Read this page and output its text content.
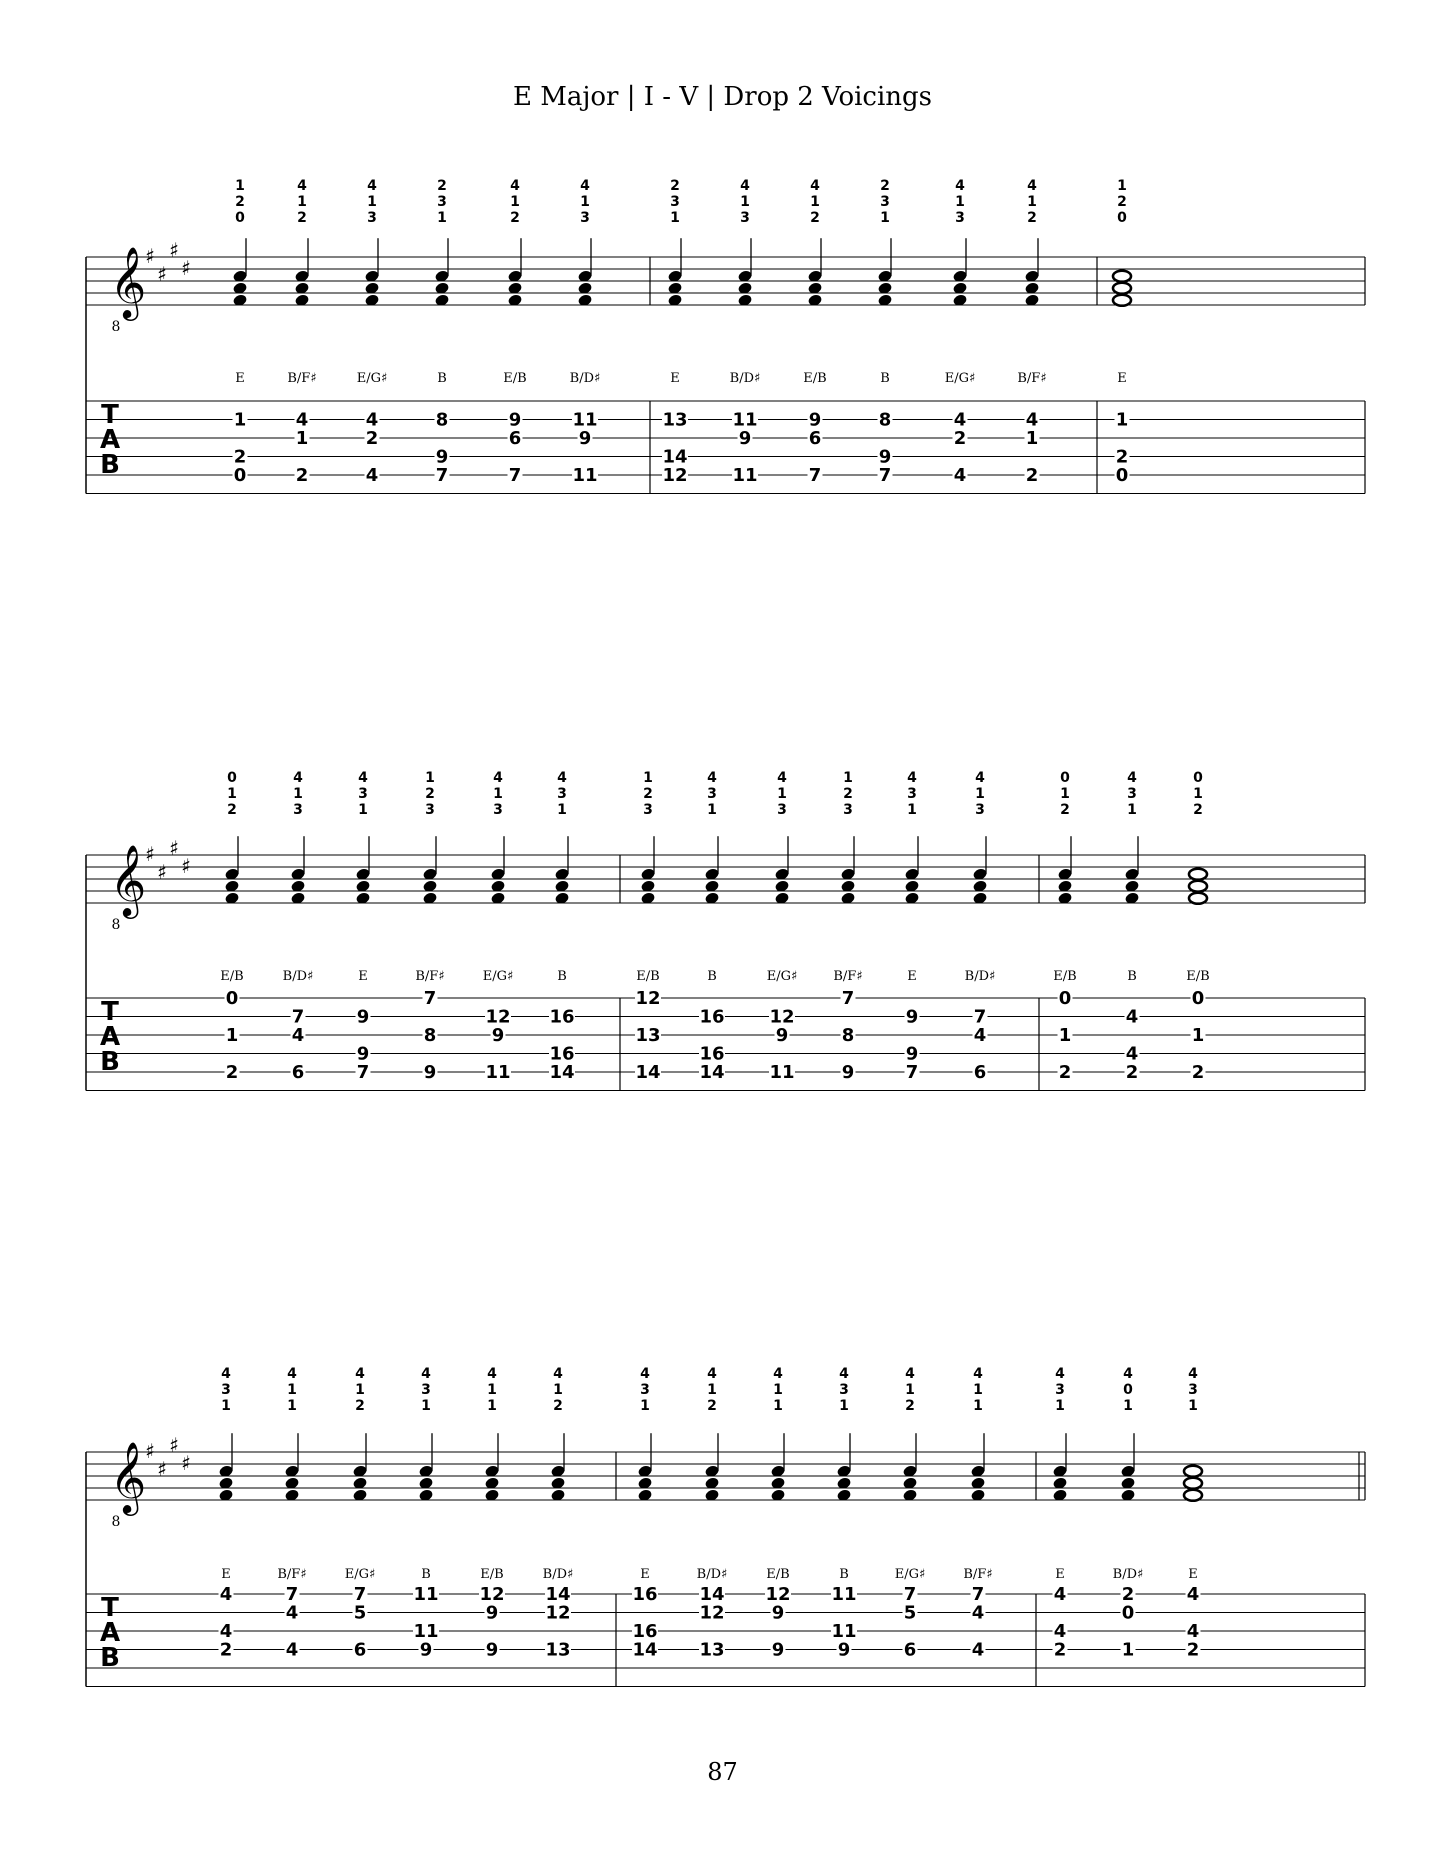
E Major | I - V | Drop 2 Voicings
𝄞
8
♯
♯
♯
♯
T
A
B
1
2
0
E
1
2
0
4
1
2
B/F♯
4
1
2
4
1
3
E/G♯
4
2
4
2
3
1
B
8
9
7
4
1
2
E/B
9
6
7
4
1
3
B/D♯
11
9
11
2
3
1
E
13
14
12
4
1
3
B/D♯
11
9
11
4
1
2
E/B
9
6
7
2
3
1
B
8
9
7
4
1
3
E/G♯
4
2
4
4
1
2
B/F♯
4
1
2
1
2
0
E
1
2
0
𝄞
8
♯
♯
♯
♯
T
A
B
0
1
2
E/B
0
1
2
4
1
3
B/D♯
7
4
6
4
3
1
E
9
9
7
1
2
3
B/F♯
7
8
9
4
1
3
E/G♯
12
9
11
4
3
1
B
16
16
14
1
2
3
E/B
12
13
14
4
3
1
B
16
16
14
4
1
3
E/G♯
12
9
11
1
2
3
B/F♯
7
8
9
4
3
1
E
9
9
7
4
1
3
B/D♯
7
4
6
0
1
2
E/B
0
1
2
4
3
1
B
4
4
2
0
1
2
E/B
0
1
2
𝄞
8
♯
♯
♯
♯
T
A
B
4
3
1
E
4
4
2
4
1
1
B/F♯
7
4
4
4
1
2
E/G♯
7
5
6
4
3
1
B
11
11
9
4
1
1
E/B
12
9
9
4
1
2
B/D♯
14
12
13
4
3
1
E
16
16
14
4
1
2
B/D♯
14
12
13
4
1
1
E/B
12
9
9
4
3
1
B
11
11
9
4
1
2
E/G♯
7
5
6
4
1
1
B/F♯
7
4
4
4
3
1
E
4
4
2
4
0
1
B/D♯
2
0
1
4
3
1
E
4
4
2
87
